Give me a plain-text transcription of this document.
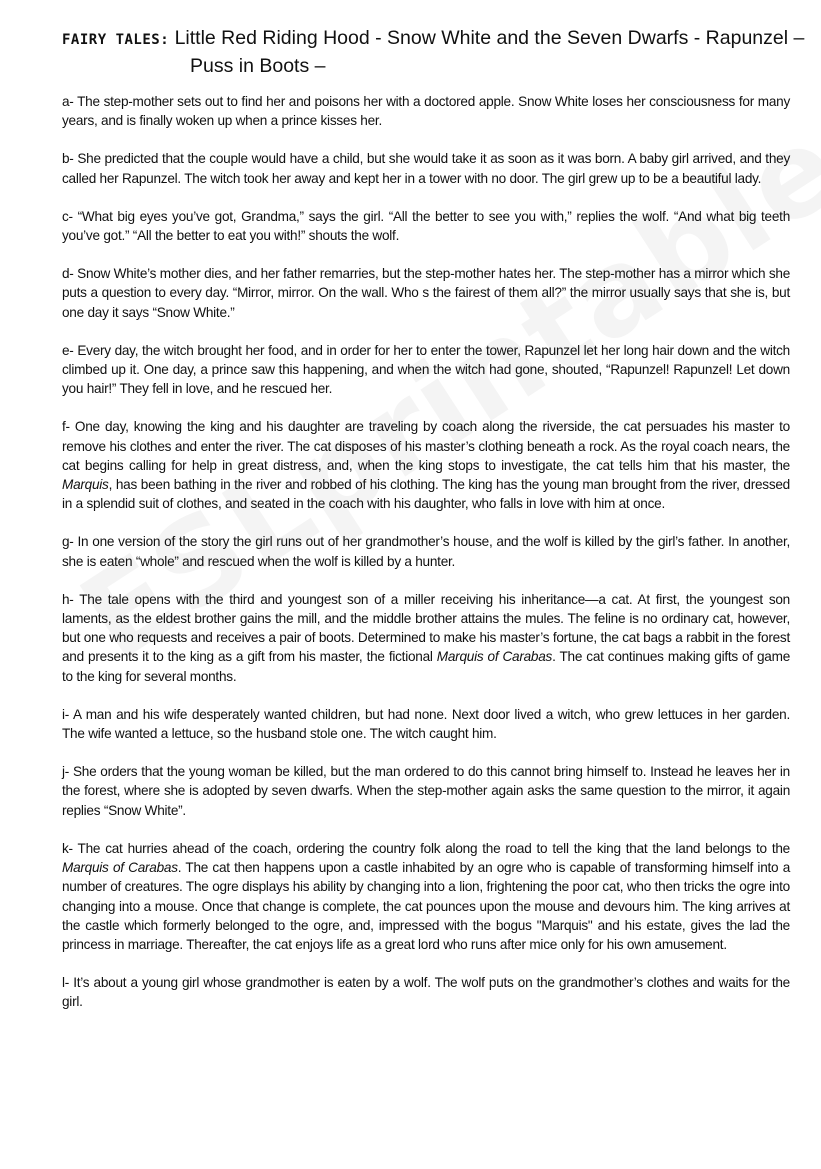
FAIRY TALES: Little Red Riding Hood - Snow White and the Seven Dwarfs - Rapunzel –
Puss in Boots –

a- The step-mother sets out to find her and poisons her with a doctored apple. Snow White loses her consciousness for many years, and is finally woken up when a prince kisses her.

b- She predicted that the couple would have a child, but she would take it as soon as it was born. A baby girl arrived, and they called her Rapunzel. The witch took her away and kept her in a tower with no door. The girl grew up to be a beautiful lady.

c- “What big eyes you’ve got, Grandma,” says the girl. “All the better to see you with,” replies the wolf. “And what big teeth you’ve got.” “All the better to eat you with!” shouts the wolf.

d- Snow White’s mother dies, and her father remarries, but the step-mother hates her. The step-mother has a mirror which she puts a question to every day. “Mirror, mirror. On the wall. Who s the fairest of them all?” the mirror usually says that she is, but one day it says “Snow White.”

e- Every day, the witch brought her food, and in order for her to enter the tower, Rapunzel let her long hair down and the witch climbed up it. One day, a prince saw this happening, and when the witch had gone, shouted, “Rapunzel! Rapunzel! Let down you hair!” They fell in love, and he rescued her.

f- One day, knowing the king and his daughter are traveling by coach along the riverside, the cat persuades his master to remove his clothes and enter the river. The cat disposes of his master’s clothing beneath a rock. As the royal coach nears, the cat begins calling for help in great distress, and, when the king stops to investigate, the cat tells him that his master, the Marquis, has been bathing in the river and robbed of his clothing. The king has the young man brought from the river, dressed in a splendid suit of clothes, and seated in the coach with his daughter, who falls in love with him at once.

g- In one version of the story the girl runs out of her grandmother’s house, and the wolf is killed by the girl’s father. In another, she is eaten “whole” and rescued when the wolf is killed by a hunter.

h- The tale opens with the third and youngest son of a miller receiving his inheritance—a cat. At first, the youngest son laments, as the eldest brother gains the mill, and the middle brother attains the mules. The feline is no ordinary cat, however, but one who requests and receives a pair of boots. Determined to make his master’s fortune, the cat bags a rabbit in the forest and presents it to the king as a gift from his master, the fictional Marquis of Carabas. The cat continues making gifts of game to the king for several months.

i- A man and his wife desperately wanted children, but had none. Next door lived a witch, who grew lettuces in her garden. The wife wanted a lettuce, so the husband stole one. The witch caught him.

j- She orders that the young woman be killed, but the man ordered to do this cannot bring himself to. Instead he leaves her in the forest, where she is adopted by seven dwarfs. When the step-mother again asks the same question to the mirror, it again replies “Snow White”.

k- The cat hurries ahead of the coach, ordering the country folk along the road to tell the king that the land belongs to the Marquis of Carabas. The cat then happens upon a castle inhabited by an ogre who is capable of transforming himself into a number of creatures. The ogre displays his ability by changing into a lion, frightening the poor cat, who then tricks the ogre into changing into a mouse. Once that change is complete, the cat pounces upon the mouse and devours him. The king arrives at the castle which formerly belonged to the ogre, and, impressed with the bogus "Marquis" and his estate, gives the lad the princess in marriage. Thereafter, the cat enjoys life as a great lord who runs after mice only for his own amusement.

l- It’s about a young girl whose grandmother is eaten by a wolf. The wolf puts on the grandmother’s clothes and waits for the girl.
